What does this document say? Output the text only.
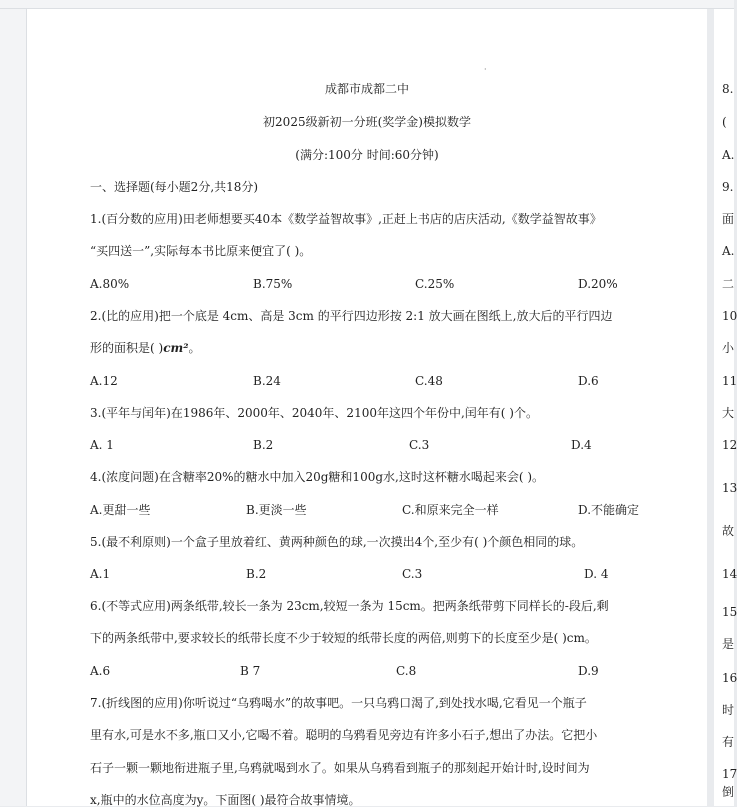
·
成都市成都二中
初2025级新初一分班(奖学金)模拟数学
(满分:100分 时间:60分钟)
一、选择题(每小题2分,共18分)
1.(百分数的应用)田老师想要买40本《数学益智故事》,正赶上书店的店庆活动,《数学益智故事》
“买四送一”,实际每本书比原来便宜了( )。
A.80%	B.75%	C.25%	D.20%
2.(比的应用)把一个底是 4cm、高是 3cm 的平行四边形按 2:1 放大画在图纸上,放大后的平行四边
形的面积是( )cm²。
A.12	B.24	C.48	D.6
3.(平年与闰年)在1986年、2000年、2040年、2100年这四个年份中,闰年有( )个。
A. 1	B.2	C.3	D.4
4.(浓度问题)在含糖率20%的糖水中加入20g糖和100g水,这时这杯糖水喝起来会( )。
A.更甜一些	B.更淡一些	C.和原来完全一样	D.不能确定
5.(最不利原则)一个盒子里放着红、黄两种颜色的球,一次摸出4个,至少有( )个颜色相同的球。
A.1	B.2	C.3	D. 4
6.(不等式应用)两条纸带,较长一条为 23cm,较短一条为 15cm。把两条纸带剪下同样长的-段后,剩
下的两条纸带中,要求较长的纸带长度不少于较短的纸带长度的两倍,则剪下的长度至少是( )cm。
A.6	B 7	C.8	D.9
7.(折线图的应用)你听说过“乌鸦喝水”的故事吧。一只乌鸦口渴了,到处找水喝,它看见一个瓶子
里有水,可是水不多,瓶口又小,它喝不着。聪明的乌鸦看见旁边有许多小石子,想出了办法。它把小
石子一颗一颗地衔进瓶子里,乌鸦就喝到水了。如果从乌鸦看到瓶子的那刻起开始计时,设时间为
x,瓶中的水位高度为y。下面图( )最符合故事情境。
8.
(
A.
9.
面
A.
二
10
小
11
大
12
13
故
14
15
是
16
时
有
17
倒
